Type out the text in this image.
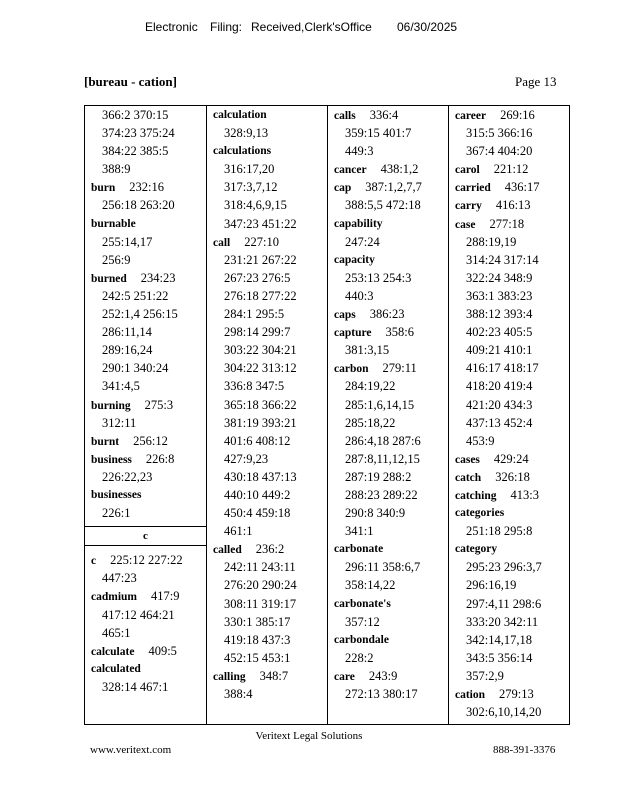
Electronic Filing: Received,Clerk'sOffice 06/30/2025
[bureau - cation]	Page 13
366:2 370:15
374:23 375:24
384:22 385:5
388:9
burn 232:16
256:18 263:20
burnable
255:14,17
256:9
burned 234:23
242:5 251:22
252:1,4 256:15
286:11,14
289:16,24
290:1 340:24
341:4,5
burning 275:3
312:11
burnt 256:12
business 226:8
226:22,23
businesses
226:1
c
c 225:12 227:22
447:23
cadmium 417:9
417:12 464:21
465:1
calculate 409:5
calculated
328:14 467:1
calculation
328:9,13
calculations
316:17,20
317:3,7,12
318:4,6,9,15
347:23 451:22
call 227:10
231:21 267:22
267:23 276:5
276:18 277:22
284:1 295:5
298:14 299:7
303:22 304:21
304:22 313:12
336:8 347:5
365:18 366:22
381:19 393:21
401:6 408:12
427:9,23
430:18 437:13
440:10 449:2
450:4 459:18
461:1
called 236:2
242:11 243:11
276:20 290:24
308:11 319:17
330:1 385:17
419:18 437:3
452:15 453:1
calling 348:7
388:4
calls 336:4
359:15 401:7
449:3
cancer 438:1,2
cap 387:1,2,7,7
388:5,5 472:18
capability
247:24
capacity
253:13 254:3
440:3
caps 386:23
capture 358:6
381:3,15
carbon 279:11
284:19,22
285:1,6,14,15
285:18,22
286:4,18 287:6
287:8,11,12,15
287:19 288:2
288:23 289:22
290:8 340:9
341:1
carbonate
296:11 358:6,7
358:14,22
carbonate's
357:12
carbondale
228:2
care 243:9
272:13 380:17
career 269:16
315:5 366:16
367:4 404:20
carol 221:12
carried 436:17
carry 416:13
case 277:18
288:19,19
314:24 317:14
322:24 348:9
363:1 383:23
388:12 393:4
402:23 405:5
409:21 410:1
416:17 418:17
418:20 419:4
421:20 434:3
437:13 452:4
453:9
cases 429:24
catch 326:18
catching 413:3
categories
251:18 295:8
category
295:23 296:3,7
296:16,19
297:4,11 298:6
333:20 342:11
342:14,17,18
343:5 356:14
357:2,9
cation 279:13
302:6,10,14,20
Veritext Legal Solutions
www.veritext.com	888-391-3376
